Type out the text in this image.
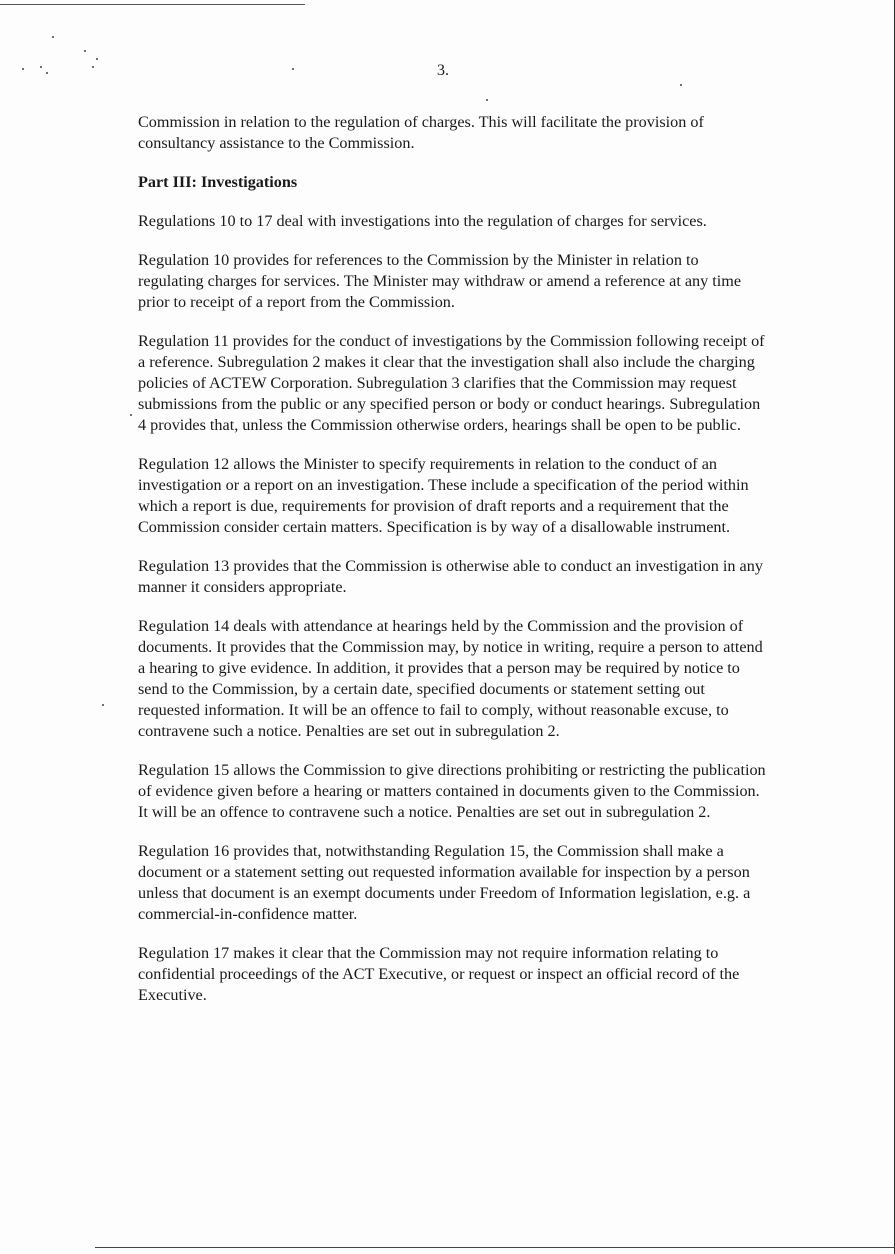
3.

Commission in relation to the regulation of charges. This will facilitate the provision of consultancy assistance to the Commission.

Part III: Investigations

Regulations 10 to 17 deal with investigations into the regulation of charges for services.

Regulation 10 provides for references to the Commission by the Minister in relation to regulating charges for services. The Minister may withdraw or amend a reference at any time prior to receipt of a report from the Commission.

Regulation 11 provides for the conduct of investigations by the Commission following receipt of a reference. Subregulation 2 makes it clear that the investigation shall also include the charging policies of ACTEW Corporation. Subregulation 3 clarifies that the Commission may request submissions from the public or any specified person or body or conduct hearings. Subregulation 4 provides that, unless the Commission otherwise orders, hearings shall be open to be public.

Regulation 12 allows the Minister to specify requirements in relation to the conduct of an investigation or a report on an investigation. These include a specification of the period within which a report is due, requirements for provision of draft reports and a requirement that the Commission consider certain matters. Specification is by way of a disallowable instrument.

Regulation 13 provides that the Commission is otherwise able to conduct an investigation in any manner it considers appropriate.

Regulation 14 deals with attendance at hearings held by the Commission and the provision of documents. It provides that the Commission may, by notice in writing, require a person to attend a hearing to give evidence. In addition, it provides that a person may be required by notice to send to the Commission, by a certain date, specified documents or statement setting out requested information. It will be an offence to fail to comply, without reasonable excuse, to contravene such a notice. Penalties are set out in subregulation 2.

Regulation 15 allows the Commission to give directions prohibiting or restricting the publication of evidence given before a hearing or matters contained in documents given to the Commission. It will be an offence to contravene such a notice. Penalties are set out in subregulation 2.

Regulation 16 provides that, notwithstanding Regulation 15, the Commission shall make a document or a statement setting out requested information available for inspection by a person unless that document is an exempt documents under Freedom of Information legislation, e.g. a commercial-in-confidence matter.

Regulation 17 makes it clear that the Commission may not require information relating to confidential proceedings of the ACT Executive, or request or inspect an official record of the Executive.
